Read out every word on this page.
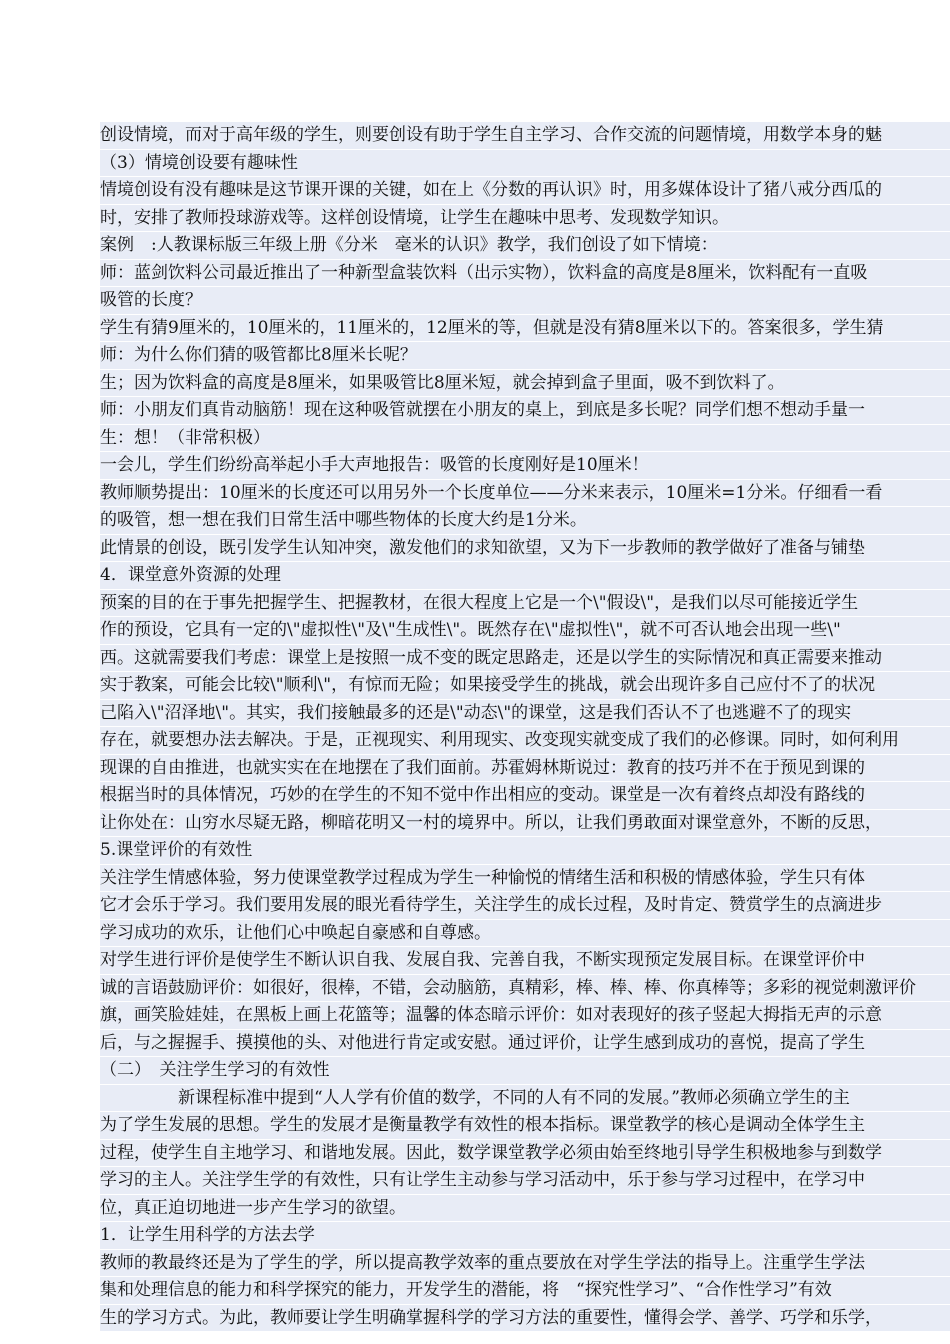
创设情境，而对于高年级的学生，则要创设有助于学生自主学习、合作交流的问题情境，用数学本身的魅
（3）情境创设要有趣味性
情境创设有没有趣味是这节课开课的关键，如在上《分数的再认识》时，用多媒体设计了猪八戒分西瓜的
时，安排了教师投球游戏等。这样创设情境，让学生在趣味中思考、发现数学知识。
案例　:人教课标版三年级上册《分米　毫米的认识》教学，我们创设了如下情境：
师：蓝剑饮料公司最近推出了一种新型盒装饮料（出示实物），饮料盒的高度是8厘米，饮料配有一直吸
吸管的长度？
学生有猜9厘米的，10厘米的，11厘米的，12厘米的等，但就是没有猜8厘米以下的。答案很多，学生猜
师：为什么你们猜的吸管都比8厘米长呢？
生；因为饮料盒的高度是8厘米，如果吸管比8厘米短，就会掉到盒子里面，吸不到饮料了。
师：小朋友们真肯动脑筋！现在这种吸管就摆在小朋友的桌上，到底是多长呢？同学们想不想动手量一
生：想！（非常积极）
一会儿，学生们纷纷高举起小手大声地报告：吸管的长度刚好是10厘米！
教师顺势提出：10厘米的长度还可以用另外一个长度单位——分米来表示，10厘米=1分米。仔细看一看
的吸管，想一想在我们日常生活中哪些物体的长度大约是1分米。
此情景的创设，既引发学生认知冲突，激发他们的求知欲望，又为下一步教师的教学做好了准备与铺垫
4．课堂意外资源的处理
预案的目的在于事先把握学生、把握教材，在很大程度上它是一个\"假设\"，是我们以尽可能接近学生
作的预设，它具有一定的\"虚拟性\"及\"生成性\"。既然存在\"虚拟性\"，就不可否认地会出现一些\"
西。这就需要我们考虑：课堂上是按照一成不变的既定思路走，还是以学生的实际情况和真正需要来推动
实于教案，可能会比较\"顺利\"，有惊而无险；如果接受学生的挑战，就会出现许多自己应付不了的状况
己陷入\"沼泽地\"。其实，我们接触最多的还是\"动态\"的课堂，这是我们否认不了也逃避不了的现实
存在，就要想办法去解决。于是，正视现实、利用现实、改变现实就变成了我们的必修课。同时，如何利用
现课的自由推进，也就实实在在地摆在了我们面前。苏霍姆林斯说过：教育的技巧并不在于预见到课的
根据当时的具体情况，巧妙的在学生的不知不觉中作出相应的变动。课堂是一次有着终点却没有路线的
让你处在：山穷水尽疑无路，柳暗花明又一村的境界中。所以，让我们勇敢面对课堂意外，不断的反思，
5.课堂评价的有效性
关注学生情感体验，努力使课堂教学过程成为学生一种愉悦的情绪生活和积极的情感体验，学生只有体
它才会乐于学习。我们要用发展的眼光看待学生，关注学生的成长过程，及时肯定、赞赏学生的点滴进步
学习成功的欢乐，让他们心中唤起自豪感和自尊感。
对学生进行评价是使学生不断认识自我、发展自我、完善自我，不断实现预定发展目标。在课堂评价中
诚的言语鼓励评价：如很好，很棒，不错，会动脑筋，真精彩，棒、棒、棒、你真棒等；多彩的视觉刺激评价
旗，画笑脸娃娃，在黑板上画上花篮等；温馨的体态暗示评价：如对表现好的孩子竖起大拇指无声的示意
后，与之握握手、摸摸他的头、对他进行肯定或安慰。通过评价，让学生感到成功的喜悦，提高了学生
（二）　关注学生学习的有效性
新课程标准中提到“人人学有价值的数学，不同的人有不同的发展。”教师必须确立学生的主
为了学生发展的思想。学生的发展才是衡量教学有效性的根本指标。课堂教学的核心是调动全体学生主
过程，使学生自主地学习、和谐地发展。因此，数学课堂教学必须由始至终地引导学生积极地参与到数学
学习的主人。关注学生学的有效性，只有让学生主动参与学习活动中，乐于参与学习过程中，在学习中
位，真正迫切地进一步产生学习的欲望。
1．让学生用科学的方法去学
教师的教最终还是为了学生的学，所以提高教学效率的重点要放在对学生学法的指导上。注重学生学法
集和处理信息的能力和科学探究的能力，开发学生的潜能，将　“探究性学习”、“合作性学习”有效
生的学习方式。为此，教师要让学生明确掌握科学的学习方法的重要性，懂得会学、善学、巧学和乐学，
